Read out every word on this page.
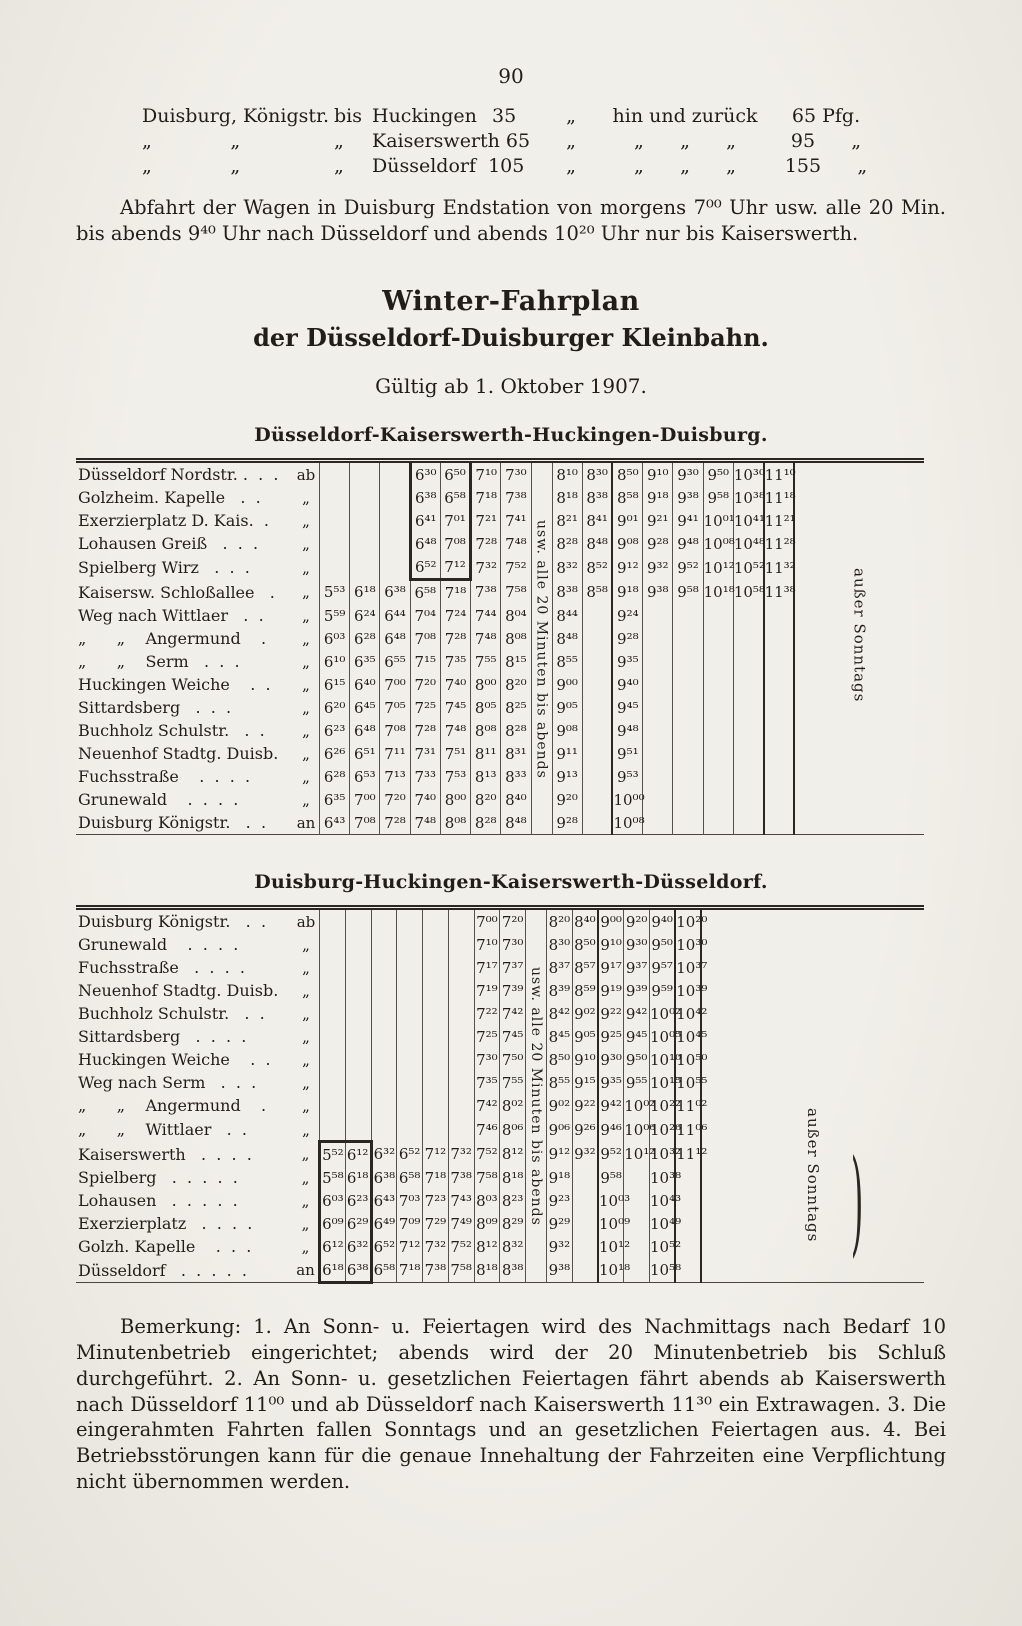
90
Duisburg, Königstr. bis Huckingen 35	„ hin und zurück 65 Pfg.
„             „	„ Kaiserswerth 65 „	„      „      „	95      „
„             „	„ Düsseldorf  105 „	„      „      „	155      „

Abfahrt der Wagen in Duisburg Endstation von morgens 7⁰⁰ Uhr usw. alle 20 Min. bis abends 9⁴⁰ Uhr nach Düsseldorf und abends 10²⁰ Uhr nur bis Kaiserswerth.

Winter-Fahrplan
der Düsseldorf-Duisburger Kleinbahn.
Gültig ab 1. Oktober 1907.
Düsseldorf-Kaiserswerth-Huckingen-Duisburg.
Düsseldorf Nordstr. .  .  .	ab				6³⁰	6⁵⁰	7¹⁰	7³⁰	usw. alle 20 Minuten bis abends	8¹⁰	8³⁰	8⁵⁰	9¹⁰	9³⁰	9⁵⁰	10³⁰	11¹⁰	außer Sonntags
Golzheim. Kapelle   .  .	„				6³⁸	6⁵⁸	7¹⁸	7³⁸		8¹⁸	8³⁸	8⁵⁸	9¹⁸	9³⁸	9⁵⁸	10³⁸	11¹⁸	
Exerzierplatz D. Kais.  .	„				6⁴¹	7⁰¹	7²¹	7⁴¹		8²¹	8⁴¹	9⁰¹	9²¹	9⁴¹	10⁰¹	10⁴¹	11²¹	
Lohausen Greiß   .  .  .	„				6⁴⁸	7⁰⁸	7²⁸	7⁴⁸		8²⁸	8⁴⁸	9⁰⁸	9²⁸	9⁴⁸	10⁰⁸	10⁴⁸	11²⁸	
Spielberg Wirz   .  .  .	„				6⁵²	7¹²	7³²	7⁵²		8³²	8⁵²	9¹²	9³²	9⁵²	10¹²	10⁵²	11³²	
Kaisersw. Schloßallee   .	„	5⁵³	6¹⁸	6³⁸	6⁵⁸	7¹⁸	7³⁸	7⁵⁸		8³⁸	8⁵⁸	9¹⁸	9³⁸	9⁵⁸	10¹⁸	10⁵⁸	11³⁸	
Weg nach Wittlaer   .  .	„	5⁵⁹	6²⁴	6⁴⁴	7⁰⁴	7²⁴	7⁴⁴	8⁰⁴		8⁴⁴		9²⁴						
„      „    Angermund    .	„	6⁰³	6²⁸	6⁴⁸	7⁰⁸	7²⁸	7⁴⁸	8⁰⁸		8⁴⁸		9²⁸						
„      „    Serm   .  .  .	„	6¹⁰	6³⁵	6⁵⁵	7¹⁵	7³⁵	7⁵⁵	8¹⁵		8⁵⁵		9³⁵						
Huckingen Weiche    .  .	„	6¹⁵	6⁴⁰	7⁰⁰	7²⁰	7⁴⁰	8⁰⁰	8²⁰		9⁰⁰		9⁴⁰						
Sittardsberg   .  .  .	„	6²⁰	6⁴⁵	7⁰⁵	7²⁵	7⁴⁵	8⁰⁵	8²⁵		9⁰⁵		9⁴⁵						
Buchholz Schulstr.   .  .	„	6²³	6⁴⁸	7⁰⁸	7²⁸	7⁴⁸	8⁰⁸	8²⁸		9⁰⁸		9⁴⁸						
Neuenhof Stadtg. Duisb.	„	6²⁶	6⁵¹	7¹¹	7³¹	7⁵¹	8¹¹	8³¹		9¹¹		9⁵¹						
Fuchsstraße    .  .  .  .	„	6²⁸	6⁵³	7¹³	7³³	7⁵³	8¹³	8³³		9¹³		9⁵³						
Grunewald    .  .  .  .	„	6³⁵	7⁰⁰	7²⁰	7⁴⁰	8⁰⁰	8²⁰	8⁴⁰		9²⁰		10⁰⁰						
Duisburg Königstr.   .  .	an	6⁴³	7⁰⁸	7²⁸	7⁴⁸	8⁰⁸	8²⁸	8⁴⁸		9²⁸		10⁰⁸						
Duisburg-Huckingen-Kaiserswerth-Düsseldorf.
Duisburg Königstr.   .  .	ab							7⁰⁰	7²⁰	usw. alle 20 Minuten bis abends	8²⁰	8⁴⁰	9⁰⁰	9²⁰	9⁴⁰	10²⁰	außer Sonntags
Grunewald    .  .  .  .	„							7¹⁰	7³⁰		8³⁰	8⁵⁰	9¹⁰	9³⁰	9⁵⁰	10³⁰	
Fuchsstraße   .  .  .  .	„							7¹⁷	7³⁷		8³⁷	8⁵⁷	9¹⁷	9³⁷	9⁵⁷	10³⁷	
Neuenhof Stadtg. Duisb.	„							7¹⁹	7³⁹		8³⁹	8⁵⁹	9¹⁹	9³⁹	9⁵⁹	10³⁹	
Buchholz Schulstr.   .  .	„							7²²	7⁴²		8⁴²	9⁰²	9²²	9⁴²	10⁰²	10⁴²	
Sittardsberg   .  .  .  .	„							7²⁵	7⁴⁵		8⁴⁵	9⁰⁵	9²⁵	9⁴⁵	10⁰⁵	10⁴⁵	
Huckingen Weiche    .  .	„							7³⁰	7⁵⁰		8⁵⁰	9¹⁰	9³⁰	9⁵⁰	10¹⁰	10⁵⁰	
Weg nach Serm   .  .  .	„							7³⁵	7⁵⁵		8⁵⁵	9¹⁵	9³⁵	9⁵⁵	10¹⁵	10⁵⁵	
„      „    Angermund    .	„							7⁴²	8⁰²		9⁰²	9²²	9⁴²	10⁰²	10²²	11⁰²	
„      „    Wittlaer   .  .	„							7⁴⁶	8⁰⁶		9⁰⁶	9²⁶	9⁴⁶	10⁰⁶	10²⁶	11⁰⁶	
Kaiserswerth   .  .  .  .	„	5⁵²	6¹²	6³²	6⁵²	7¹²	7³²	7⁵²	8¹²		9¹²	9³²	9⁵²	10¹²	10³²	11¹²	
Spielberg   .  .  .  .  .	„	5⁵⁸	6¹⁸	6³⁸	6⁵⁸	7¹⁸	7³⁸	7⁵⁸	8¹⁸		9¹⁸		9⁵⁸		10³⁸		
Lohausen   .  .  .  .  .	„	6⁰³	6²³	6⁴³	7⁰³	7²³	7⁴³	8⁰³	8²³		9²³		10⁰³		10⁴³		
Exerzierplatz   .  .  .  .	„	6⁰⁹	6²⁹	6⁴⁹	7⁰⁹	7²⁹	7⁴⁹	8⁰⁹	8²⁹		9²⁹		10⁰⁹		10⁴⁹		
Golzh. Kapelle    .  .  .	„	6¹²	6³²	6⁵²	7¹²	7³²	7⁵²	8¹²	8³²		9³²		10¹²		10⁵²		
Düsseldorf   .  .  .  .  .	an	6¹⁸	6³⁸	6⁵⁸	7¹⁸	7³⁸	7⁵⁸	8¹⁸	8³⁸		9³⁸		10¹⁸		10⁵⁸			)

Bemerkung: 1. An Sonn- u. Feiertagen wird des Nachmittags nach Bedarf 10 Minutenbetrieb eingerichtet; abends wird der 20 Minutenbetrieb bis Schluß durchgeführt. 2. An Sonn- u. gesetzlichen Feiertagen fährt abends ab Kaiserswerth nach Düsseldorf 11⁰⁰ und ab Düsseldorf nach Kaiserswerth 11³⁰ ein Extrawagen. 3. Die eingerahmten Fahrten fallen Sonntags und an gesetzlichen Feiertagen aus. 4. Bei Betriebsstörungen kann für die genaue Innehaltung der Fahrzeiten eine Verpflichtung nicht übernommen werden.
